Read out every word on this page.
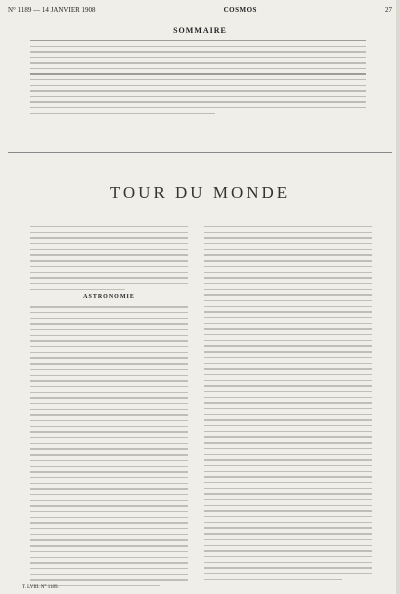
N° 1189 — 14 JANVIER 1908	COSMOS	27
SOMMAIRE
TOUR DU MONDE
ASTRONOMIE
T. LVIII. N° 1189.
